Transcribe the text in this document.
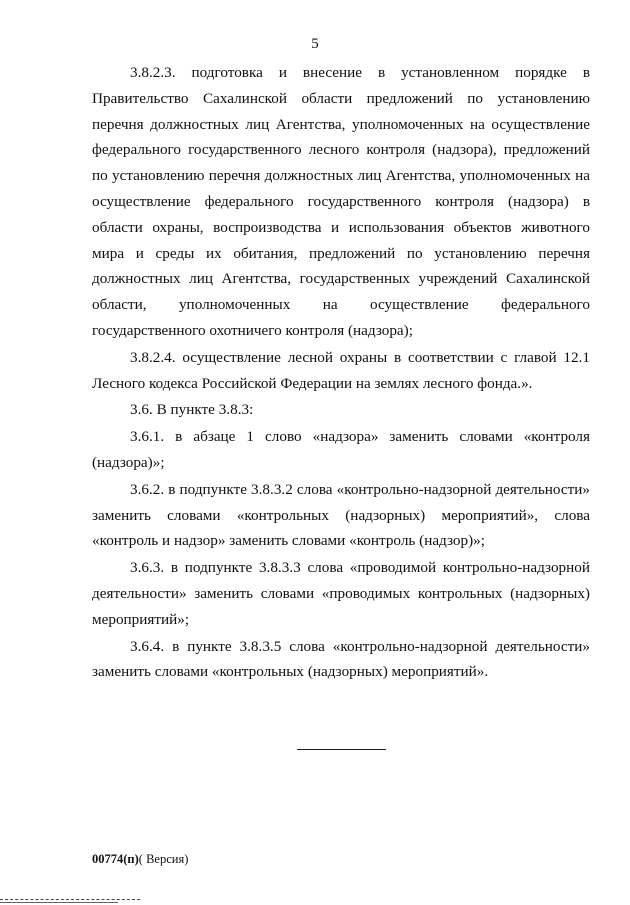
5

3.8.2.3. подготовка и внесение в установленном порядке в Правительство Сахалинской области предложений по установлению перечня должностных лиц Агентства, уполномоченных на осуществление федерального государственного лесного контроля (надзора), предложений по установлению перечня должностных лиц Агентства, уполномоченных на осуществление федерального государственного контроля (надзора) в области охраны, воспроизводства и использования объектов животного мира и среды их обитания, предложений по установлению перечня должностных лиц Агентства, государственных учреждений Сахалинской области, уполномоченных на осуществление федерального государственного охотничего контроля (надзора);

3.8.2.4. осуществление лесной охраны в соответствии с главой 12.1 Лесного кодекса Российской Федерации на землях лесного фонда.».

3.6. В пункте 3.8.3:

3.6.1. в абзаце 1 слово «надзора» заменить словами «контроля (надзора)»;

3.6.2. в подпункте 3.8.3.2 слова «контрольно-надзорной деятельности» заменить словами «контрольных (надзорных) мероприятий», слова «контроль и надзор» заменить словами «контроль (надзор)»;

3.6.3. в подпункте 3.8.3.3 слова «проводимой контрольно-надзорной деятельности» заменить словами «проводимых контрольных (надзорных) мероприятий»;

3.6.4. в пункте 3.8.3.5 слова «контрольно-надзорной деятельности» заменить словами «контрольных (надзорных) мероприятий».

00774(п)( Версия)
